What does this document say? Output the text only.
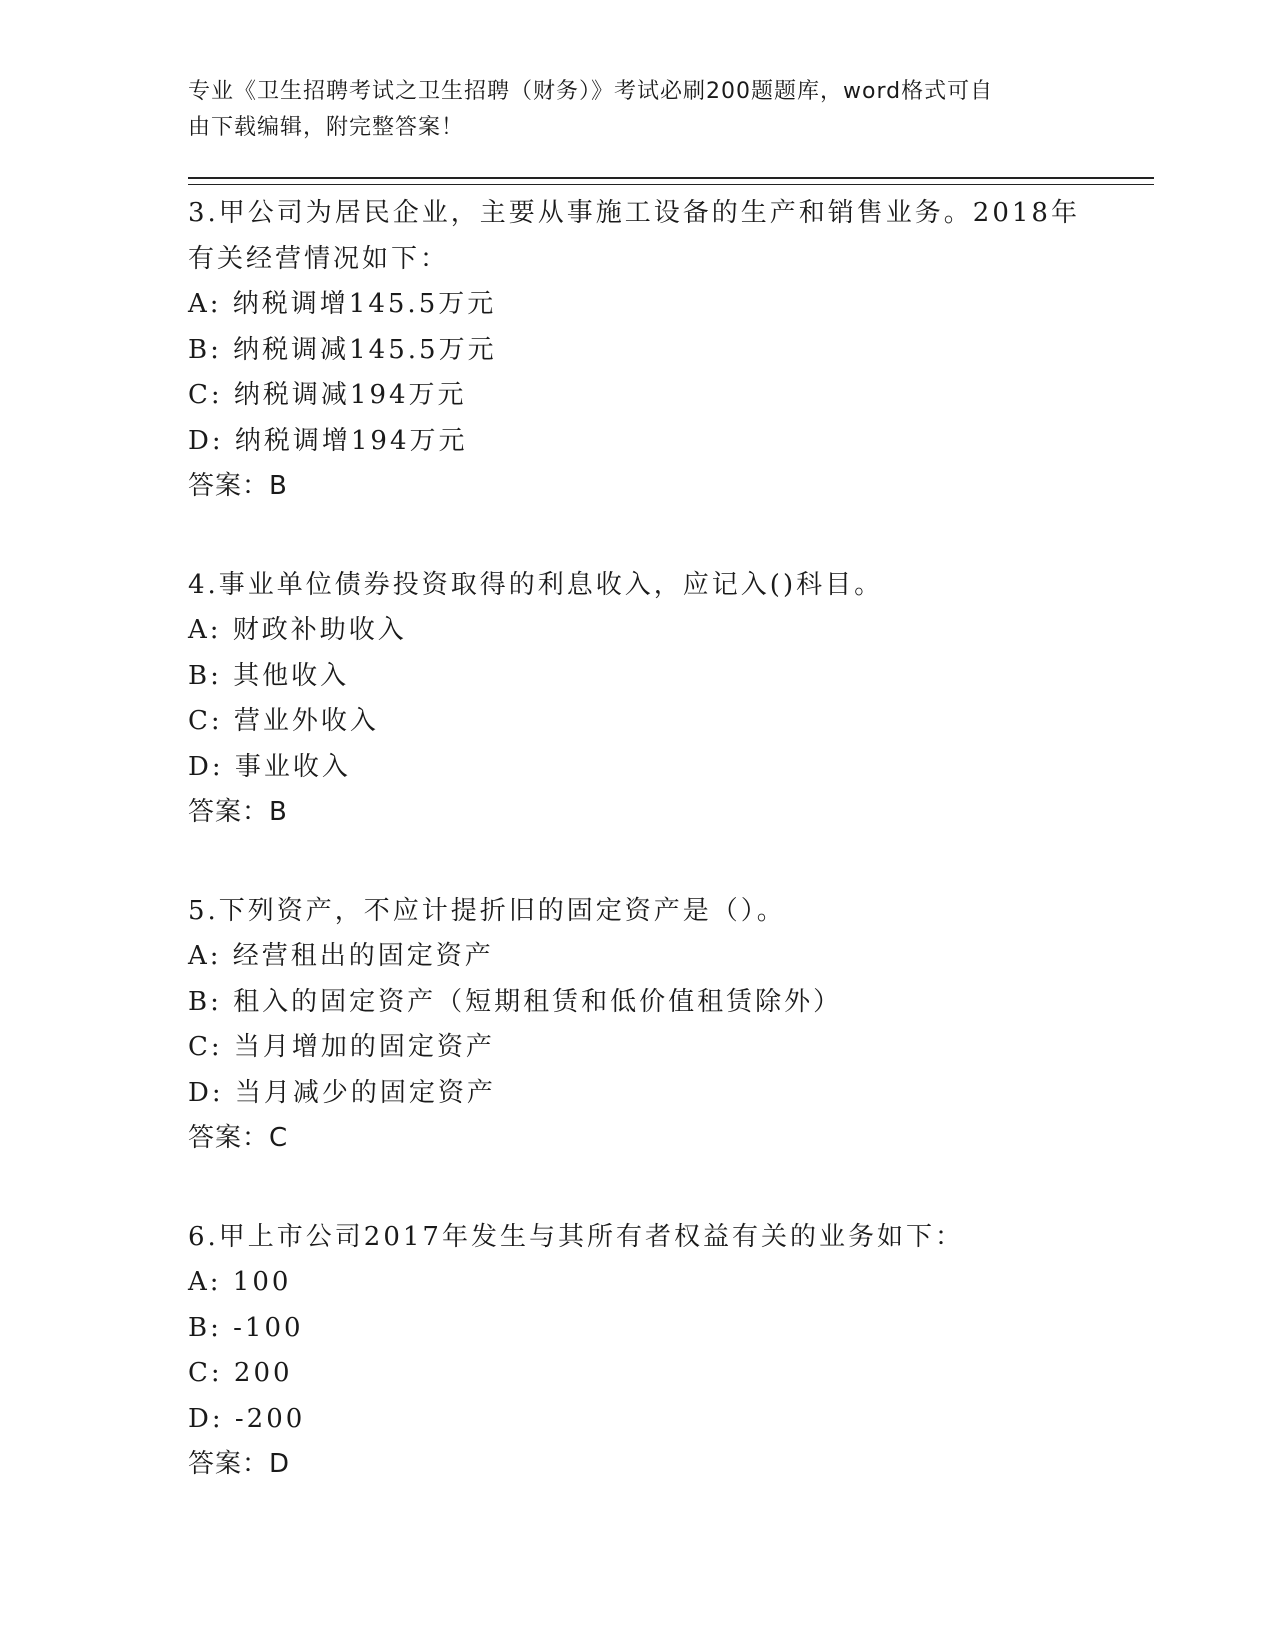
专业《卫生招聘考试之卫生招聘（财务）》考试必刷200题题库，word格式可自
由下载编辑，附完整答案！

3.甲公司为居民企业，主要从事施工设备的生产和销售业务。2018年

有关经营情况如下：

A: 纳税调增145.5万元

B: 纳税调减145.5万元

C: 纳税调减194万元

D: 纳税调增194万元

答案：B

4.事业单位债券投资取得的利息收入，应记入()科目。

A: 财政补助收入

B: 其他收入

C: 营业外收入

D: 事业收入

答案：B

5.下列资产，不应计提折旧的固定资产是（）。

A: 经营租出的固定资产

B: 租入的固定资产（短期租赁和低价值租赁除外）

C: 当月增加的固定资产

D: 当月减少的固定资产

答案：C

6.甲上市公司2017年发生与其所有者权益有关的业务如下：

A: 100

B: -100

C: 200

D: -200

答案：D
